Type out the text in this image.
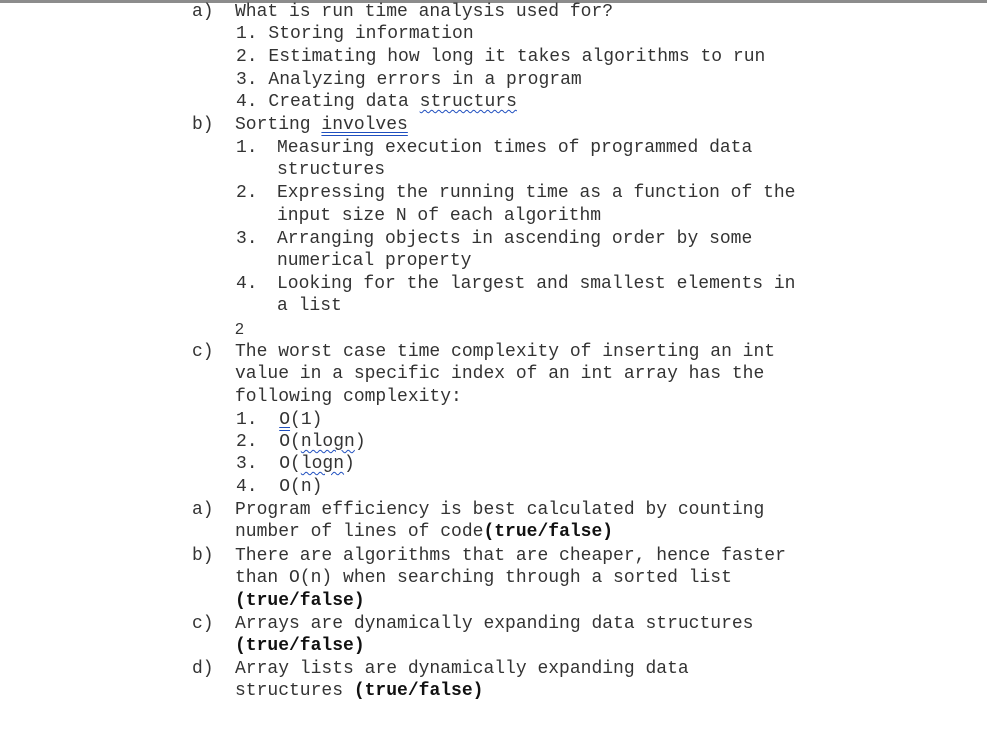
a) What is run time analysis used for?
1. Storing information
2. Estimating how long it takes algorithms to run
3. Analyzing errors in a program
4. Creating data structurs
b) Sorting involves
1. Measuring execution times of programmed data
structures
2. Expressing the running time as a function of the
input size N of each algorithm
3. Arranging objects in ascending order by some
numerical property
4. Looking for the largest and smallest elements in
a list
2
c) The worst case time complexity of inserting an int
value in a specific index of an int array has the
following complexity:
1. O(1)
2. O(nlogn)
3. O(logn)
4. O(n)
a) Program efficiency is best calculated by counting
number of lines of code(true/false)
b) There are algorithms that are cheaper, hence faster
than O(n) when searching through a sorted list
(true/false)
c) Arrays are dynamically expanding data structures
(true/false)
d) Array lists are dynamically expanding data
structures (true/false)
